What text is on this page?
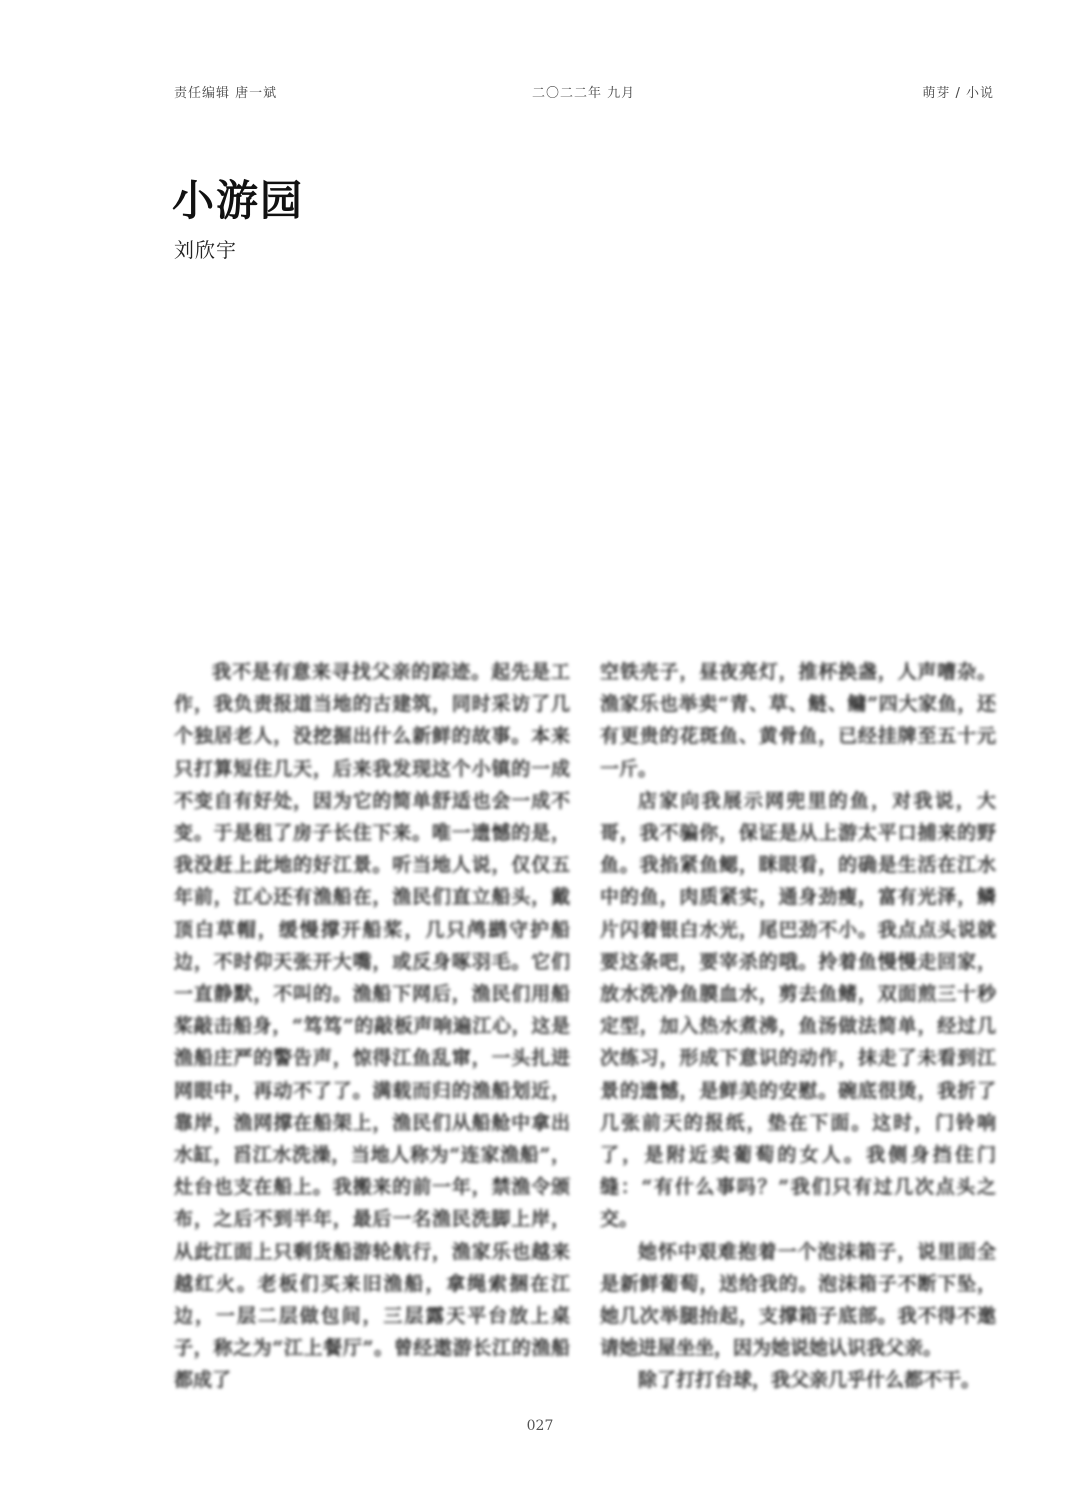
责任编辑 唐一斌	二〇二二年 九月	萌芽 / 小说
小游园
刘欣宇

我不是有意来寻找父亲的踪迹。起先是工作，我负责报道当地的古建筑，同时采访了几个独居老人，没挖掘出什么新鲜的故事。本来只打算短住几天，后来我发现这个小镇的一成不变自有好处，因为它的简单舒适也会一成不变。于是租了房子长住下来。唯一遗憾的是，我没赶上此地的好江景。听当地人说，仅仅五年前，江心还有渔船在，渔民们直立船头，戴顶白草帽，缓慢撑开船桨，几只鸬鹚守护船边，不时仰天张开大嘴，或反身啄羽毛。它们一直静默，不叫的。渔船下网后，渔民们用船桨敲击船身，“笃笃”的敲板声响遍江心，这是渔船庄严的警告声，惊得江鱼乱窜，一头扎进网眼中，再动不了了。满载而归的渔船划近，靠岸，渔网撑在船架上，渔民们从船舱中拿出水缸，舀江水洗澡，当地人称为“连家渔船”，灶台也支在船上。我搬来的前一年，禁渔令颁布，之后不到半年，最后一名渔民洗脚上岸，从此江面上只剩货船游轮航行，渔家乐也越来越红火。老板们买来旧渔船，拿绳索捆在江边，一层二层做包间，三层露天平台放上桌子，称之为“江上餐厅”。曾经遨游长江的渔船都成了

空铁壳子，昼夜亮灯，推杯换盏，人声嘈杂。渔家乐也举卖“青、草、鲢、鳙”四大家鱼，还有更贵的花斑鱼、黄骨鱼，已经挂牌至五十元一斤。

店家向我展示网兜里的鱼，对我说，大哥，我不骗你，保证是从上游太平口捕来的野鱼。我掐紧鱼鳃，眯眼看，的确是生活在江水中的鱼，肉质紧实，通身劲瘦，富有光泽，鳞片闪着银白水光，尾巴劲不小。我点点头说就要这条吧，要宰杀的哦。拎着鱼慢慢走回家，放水洗净鱼膜血水，剪去鱼鳍，双面煎三十秒定型，加入热水煮沸，鱼汤做法简单，经过几次练习，形成下意识的动作，抹走了未看到江景的遗憾，是鲜美的安慰。碗底很烫，我折了几张前天的报纸，垫在下面。这时，门铃响了，是附近卖葡萄的女人。我侧身挡住门缝：“有什么事吗？”我们只有过几次点头之交。

她怀中艰难抱着一个泡沫箱子，说里面全是新鲜葡萄，送给我的。泡沫箱子不断下坠，她几次举腿抬起，支撑箱子底部。我不得不邀请她进屋坐坐，因为她说她认识我父亲。

除了打打台球，我父亲几乎什么都不干。

027
